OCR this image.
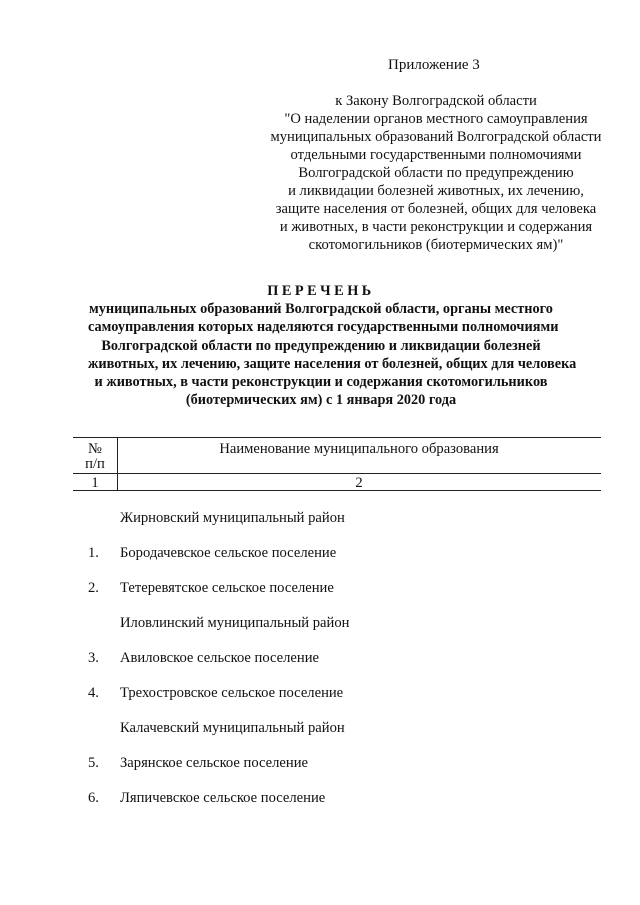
Приложение 3
к Закону Волгоградской области
"О наделении органов местного самоуправления
муниципальных образований Волгоградской области
отдельными государственными полномочиями
Волгоградской области по предупреждению
и ликвидации болезней животных, их лечению,
защите населения от болезней, общих для человека
и животных, в части реконструкции и содержания
скотомогильников (биотермических ям)"
ПЕРЕЧЕНЬ
муниципальных образований Волгоградской области, органы местного
самоуправления которых наделяются государственными полномочиями
Волгоградской области по предупреждению и ликвидации болезней
животных, их лечению, защите населения от болезней, общих для человека
и животных, в части реконструкции и содержания скотомогильников
(биотермических ям) с 1 января 2020 года
№
п/п
Наименование муниципального образования
1	2
Жирновский муниципальный район
1. Бородачевское сельское поселение
2. Тетеревятское сельское поселение
Иловлинский муниципальный район
3. Авиловское сельское поселение
4. Трехостровское сельское поселение
Калачевский муниципальный район
5. Зарянское сельское поселение
6. Ляпичевское сельское поселение
